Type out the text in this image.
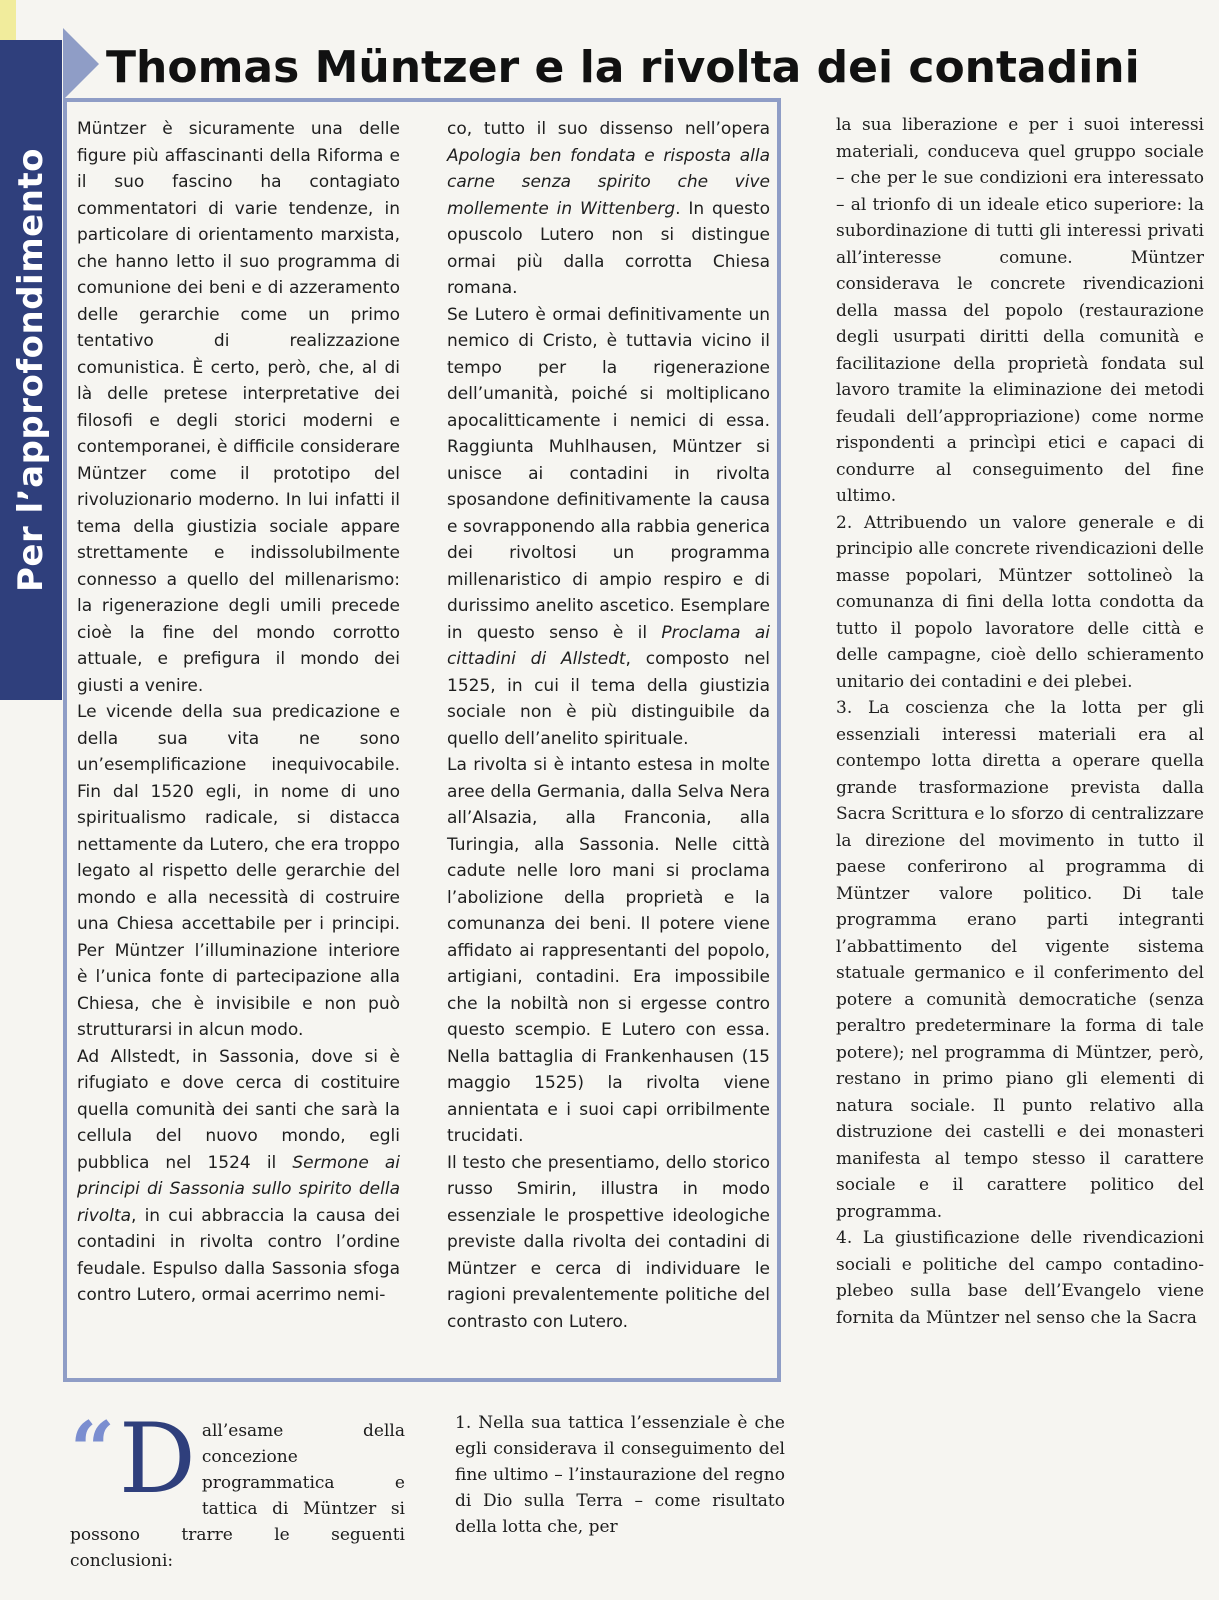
Per l’approfondimento
Thomas Müntzer e la rivolta dei contadini

Müntzer è sicuramente una delle figure più affascinanti della Riforma e il suo fascino ha contagiato commentatori di varie tendenze, in particolare di orientamento marxista, che hanno letto il suo programma di comunione dei beni e di azzeramento delle gerarchie come un primo tentativo di realizzazione comunistica. È certo, però, che, al di là delle pretese interpretative dei filosofi e degli storici moderni e contemporanei, è difficile considerare Müntzer come il prototipo del rivoluzionario moderno. In lui infatti il tema della giustizia sociale appare strettamente e indissolubilmente connesso a quello del millenarismo: la rigenerazione degli umili precede cioè la fine del mondo corrotto attuale, e prefigura il mondo dei giusti a venire.

Le vicende della sua predicazione e della sua vita ne sono un’esemplificazione inequivocabile. Fin dal 1520 egli, in nome di uno spiritualismo radicale, si distacca nettamente da Lutero, che era troppo legato al rispetto delle gerarchie del mondo e alla necessità di costruire una Chiesa accettabile per i principi. Per Müntzer l’illuminazione interiore è l’unica fonte di partecipazione alla Chiesa, che è invisibile e non può strutturarsi in alcun modo.

Ad Allstedt, in Sassonia, dove si è rifugiato e dove cerca di costituire quella comunità dei santi che sarà la cellula del nuovo mondo, egli pubblica nel 1524 il Sermone ai principi di Sassonia sullo spirito della rivolta, in cui abbraccia la causa dei contadini in rivolta contro l’ordine feudale. Espulso dalla Sassonia sfoga contro Lutero, ormai acerrimo nemi-

co, tutto il suo dissenso nell’opera Apologia ben fondata e risposta alla carne senza spirito che vive mollemente in Wittenberg. In questo opuscolo Lutero non si distingue ormai più dalla corrotta Chiesa romana.

Se Lutero è ormai definitivamente un nemico di Cristo, è tuttavia vicino il tempo per la rigenerazione dell’umanità, poiché si moltiplicano apocalitticamente i nemici di essa. Raggiunta Muhlhausen, Müntzer si unisce ai contadini in rivolta sposandone definitivamente la causa e sovrapponendo alla rabbia generica dei rivoltosi un programma millenaristico di ampio respiro e di durissimo anelito ascetico. Esemplare in questo senso è il Proclama ai cittadini di Allstedt, composto nel 1525, in cui il tema della giustizia sociale non è più distinguibile da quello dell’anelito spirituale.

La rivolta si è intanto estesa in molte aree della Germania, dalla Selva Nera all’Alsazia, alla Franconia, alla Turingia, alla Sassonia. Nelle città cadute nelle loro mani si proclama l’abolizione della proprietà e la comunanza dei beni. Il potere viene affidato ai rappresentanti del popolo, artigiani, contadini. Era impossibile che la nobiltà non si ergesse contro questo scempio. E Lutero con essa. Nella battaglia di Frankenhausen (15 maggio 1525) la rivolta viene annientata e i suoi capi orribilmente trucidati.

Il testo che presentiamo, dello storico russo Smirin, illustra in modo essenziale le prospettive ideologiche previste dalla rivolta dei contadini di Müntzer e cerca di individuare le ragioni prevalentemente politiche del contrasto con Lutero.

“ D all’esame della concezione programmatica e tattica di Müntzer si possono trarre le seguenti conclusioni:

1. Nella sua tattica l’essenziale è che egli considerava il conseguimento del fine ultimo – l’instaurazione del regno di Dio sulla Terra – come risultato della lotta che, per

la sua liberazione e per i suoi interessi materiali, conduceva quel gruppo sociale – che per le sue condizioni era interessato – al trionfo di un ideale etico superiore: la subordinazione di tutti gli interessi privati all’interesse comune. Müntzer considerava le concrete rivendicazioni della massa del popolo (restaurazione degli usurpati diritti della comunità e facilitazione della proprietà fondata sul lavoro tramite la eliminazione dei metodi feudali dell’appropriazione) come norme rispondenti a princìpi etici e capaci di condurre al conseguimento del fine ultimo.

2. Attribuendo un valore generale e di principio alle concrete rivendicazioni delle masse popolari, Müntzer sottolineò la comunanza di fini della lotta condotta da tutto il popolo lavoratore delle città e delle campagne, cioè dello schieramento unitario dei contadini e dei plebei.

3. La coscienza che la lotta per gli essenziali interessi materiali era al contempo lotta diretta a operare quella grande trasformazione prevista dalla Sacra Scrittura e lo sforzo di centralizzare la direzione del movimento in tutto il paese conferirono al programma di Müntzer valore politico. Di tale programma erano parti integranti l’abbattimento del vigente sistema statuale germanico e il conferimento del potere a comunità democratiche (senza peraltro predeterminare la forma di tale potere); nel programma di Müntzer, però, restano in primo piano gli elementi di natura sociale. Il punto relativo alla distruzione dei castelli e dei monasteri manifesta al tempo stesso il carattere sociale e il carattere politico del programma.

4. La giustificazione delle rivendicazioni sociali e politiche del campo contadino-plebeo sulla base dell’Evangelo viene fornita da Müntzer nel senso che la Sacra
